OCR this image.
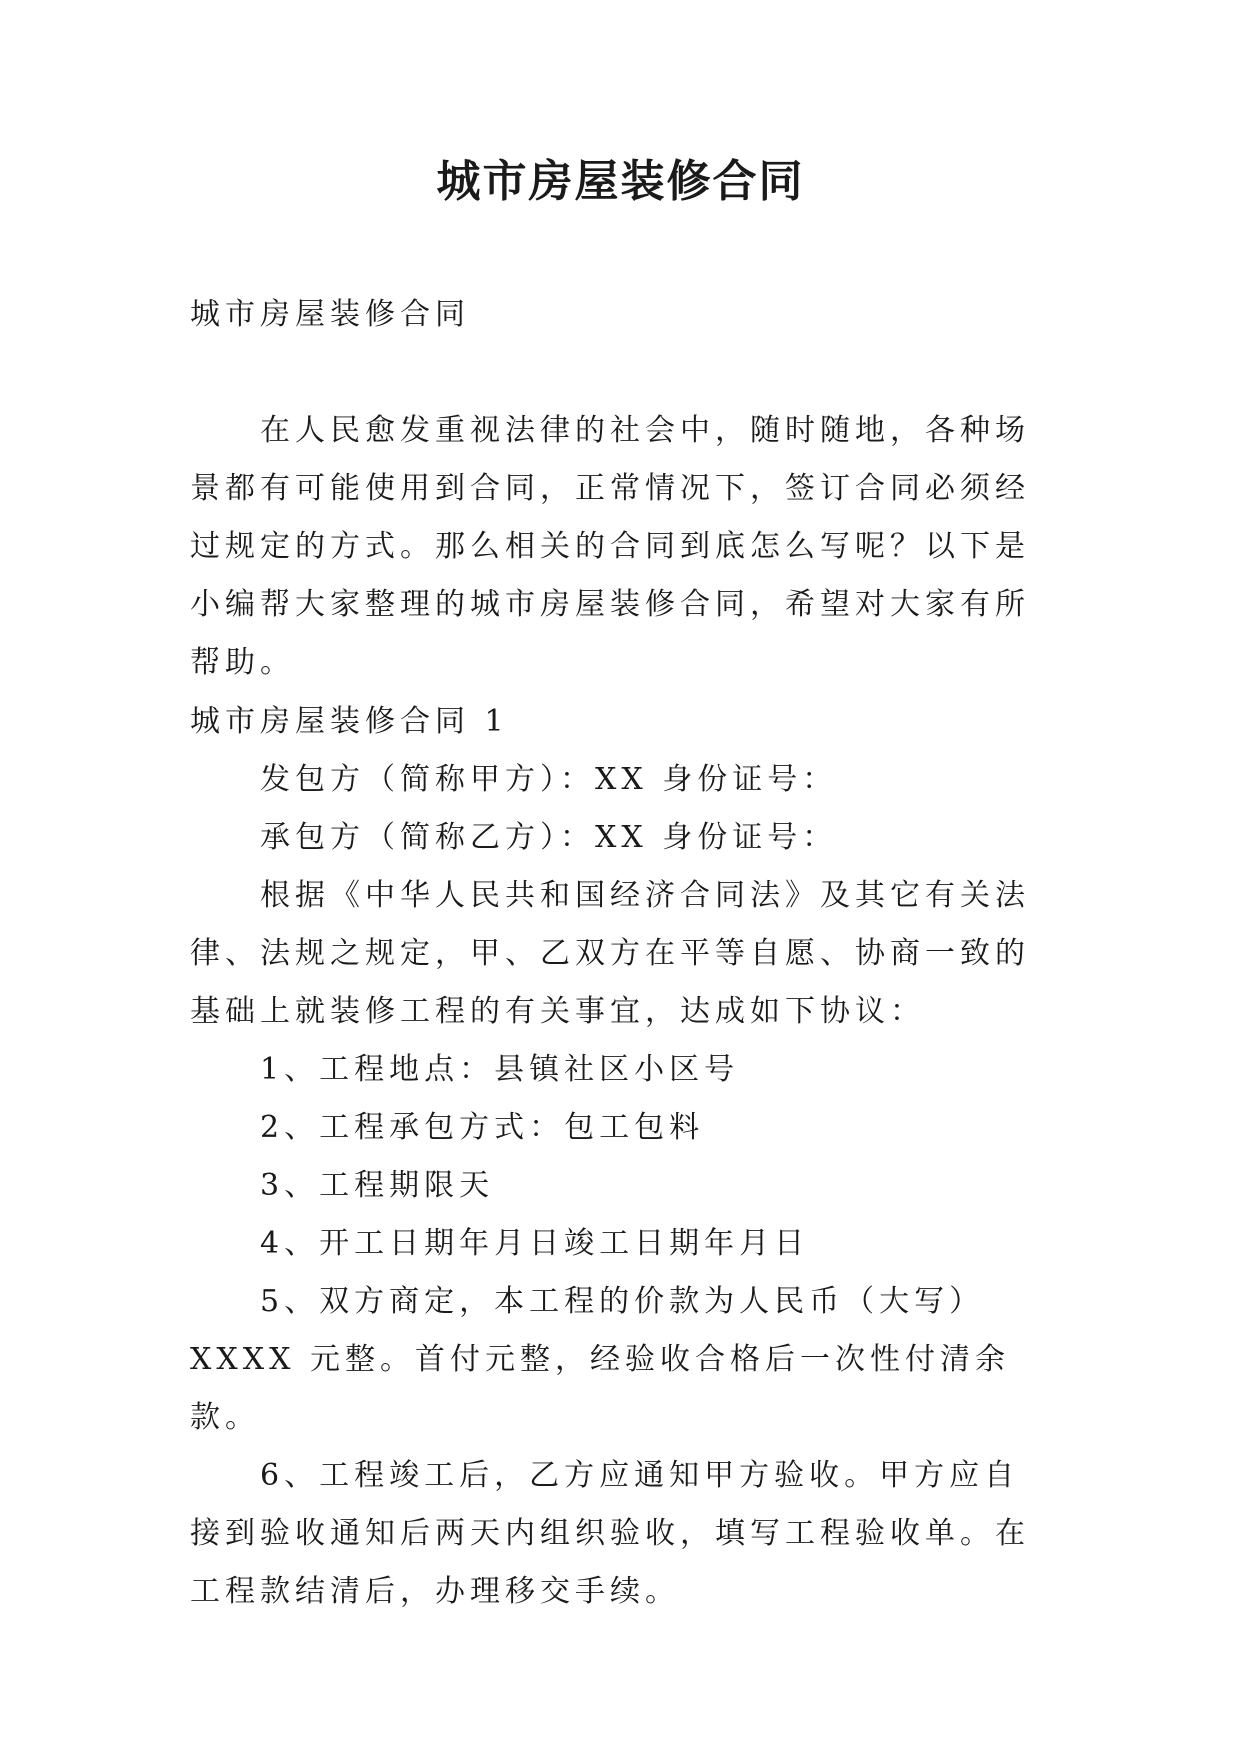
城市房屋装修合同

城市房屋装修合同

在人民愈发重视法律的社会中，随时随地，各种场景都有可能使用到合同，正常情况下，签订合同必须经过规定的方式。那么相关的合同到底怎么写呢？以下是小编帮大家整理的城市房屋装修合同，希望对大家有所帮助。

城市房屋装修合同 1

发包方（简称甲方）：XX 身份证号：

承包方（简称乙方）：XX 身份证号：

根据《中华人民共和国经济合同法》及其它有关法律、法规之规定，甲、乙双方在平等自愿、协商一致的基础上就装修工程的有关事宜，达成如下协议：

1、工程地点：县镇社区小区号

2、工程承包方式：包工包料

3、工程期限天

4、开工日期年月日竣工日期年月日

5、双方商定，本工程的价款为人民币（大写）XXXX 元整。首付元整，经验收合格后一次性付清余款。

6、工程竣工后，乙方应通知甲方验收。甲方应自接到验收通知后两天内组织验收，填写工程验收单。在工程款结清后，办理移交手续。
